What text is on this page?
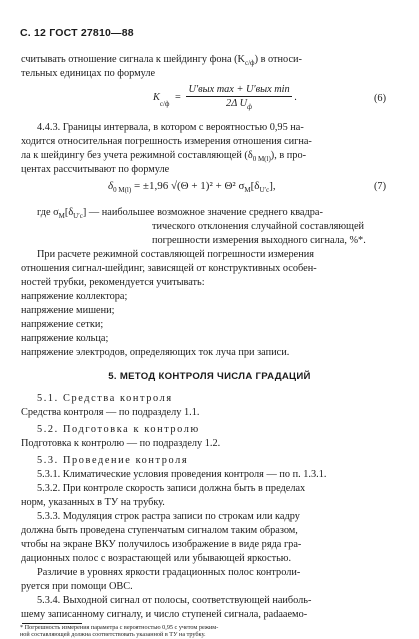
С. 12 ГОСТ 27810—88
считывать отношение сигнала к шейдингу фона $(K_{с/ф})$ в относи-
тельных единицах по формуле
$K_{с/ф} = \frac{\text{U′вых max + U′вых min}}{2\Delta U_ф}$ .	(6)
4.4.3. Границы интервала, в котором с вероятностью 0,95 на-
ходится относительная погрешность измерения отношения сигна-
ла к шейдингу без учета режимной составляющей $(\delta_{0 М(l)})$, в про-
центах рассчитывают по формуле
$\delta_{0 М(l)} = \pm 1,96$ √(Θ + 1)² + Θ² $\sigma_М[\delta_{U'с}]$,	(7)
где $\sigma_М[\delta_{U'с}]$ — наибольшее возможное значение среднего квадра-
тического отклонения случайной составляющей
погрешности измерения выходного сигнала, %*.
При расчете режимной составляющей погрешности измерения
отношения сигнал-шейдинг, зависящей от конструктивных особен-
ностей трубки, рекомендуется учитывать:
напряжение коллектора;
напряжение мишени;
напряжение сетки;
напряжение кольца;
напряжение электродов, определяющих ток луча при записи.
5. МЕТОД КОНТРОЛЯ ЧИСЛА ГРАДАЦИЙ
5.1. Средства контроля
Средства контроля — по подразделу 1.1.
5.2. Подготовка к контролю
Подготовка к контролю — по подразделу 1.2.
5.3. Проведение контроля
5.3.1. Климатические условия проведения контроля — по п. 1.3.1.
5.3.2. При контроле скорость записи должна быть в пределах
норм, указанных в ТУ на трубку.
5.3.3. Модуляция строк растра записи по строкам или кадру
должна быть проведена ступенчатым сигналом таким образом,
чтобы на экране ВКУ получилось изображение в виде ряда гра-
дационных полос с возрастающей или убывающей яркостью.
Различие в уровнях яркости градационных полос контроли-
руется при помощи ОВС.
5.3.4. Выходной сигнал от полосы, соответствующей наиболь-
шему записанному сигналу, и число ступеней сигнала, padaaемо-
* Погрешность измерения параметра с вероятностью 0,95 с учетом режим-
ной составляющей должна соответствовать указанной в ТУ на трубку.
